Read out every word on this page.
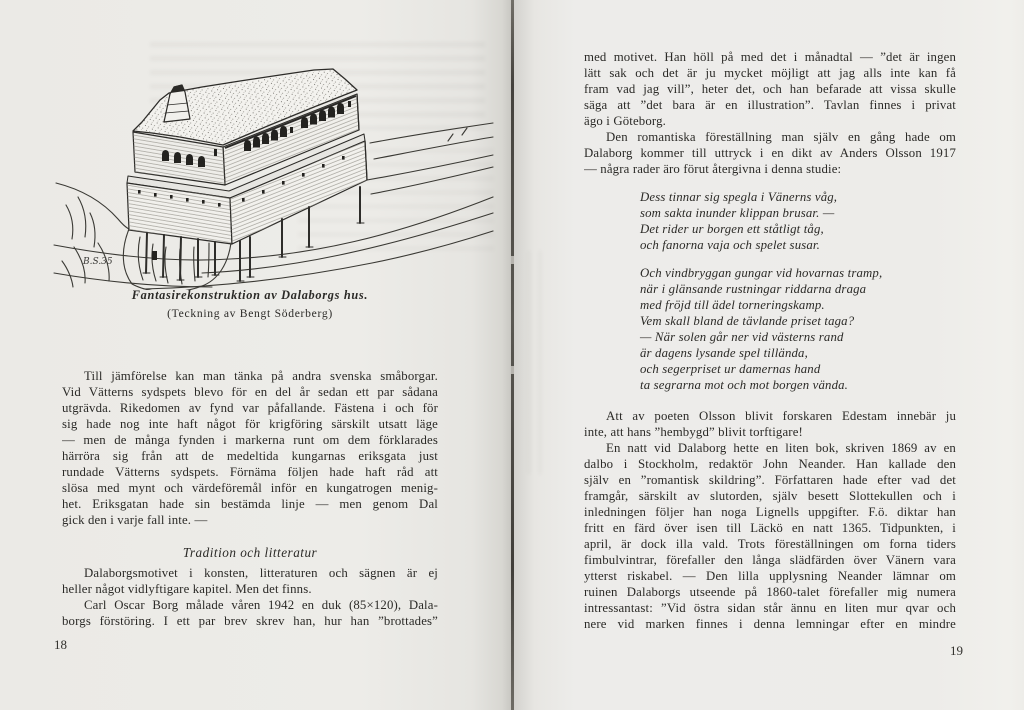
B.S.35
Fantasirekonstruktion av Dalaborgs hus.
(Teckning av Bengt Söderberg)
Till jämförelse kan man tänka på andra svenska småborgar.
Vid Vätterns sydspets blevo för en del år sedan ett par sådana
utgrävda. Rikedomen av fynd var påfallande. Fästena i och för
sig hade nog inte haft något för krigföring särskilt utsatt läge
— men de många fynden i markerna runt om dem förklarades
härröra sig från att de medeltida kungarnas eriksgata just
rundade Vätterns sydspets. Förnäma följen hade haft råd att
slösa med mynt och värdeföremål inför en kungatrogen menig-
het. Eriksgatan hade sin bestämda linje — men genom Dal
gick den i varje fall inte. —
Tradition och litteratur
Dalaborgsmotivet i konsten, litteraturen och sägnen är ej
heller något vidlyftigare kapitel. Men det finns.
Carl Oscar Borg målade våren 1942 en duk (85×120), Dala-
borgs förstöring. I ett par brev skrev han, hur han ”brottades”
med motivet. Han höll på med det i månadtal — ”det är ingen
lätt sak och det är ju mycket möjligt att jag alls inte kan få
fram vad jag vill”, heter det, och han befarade att vissa skulle
säga att ”det bara är en illustration”. Tavlan finnes i privat
ägo i Göteborg.
Den romantiska föreställning man själv en gång hade om
Dalaborg kommer till uttryck i en dikt av Anders Olsson 1917
— några rader äro förut återgivna i denna studie:
Dess tinnar sig spegla i Vänerns våg,
som sakta inunder klippan brusar. —
Det rider ur borgen ett ståtligt tåg,
och fanorna vaja och spelet susar.
Och vindbryggan gungar vid hovarnas tramp,
när i glänsande rustningar riddarna draga
med fröjd till ädel torneringskamp.
Vem skall bland de tävlande priset taga?
— När solen går ner vid västerns rand
är dagens lysande spel tillända,
och segerpriset ur damernas hand
ta segrarna mot och mot borgen vända.
Att av poeten Olsson blivit forskaren Edestam innebär ju
inte, att hans ”hembygd” blivit torftigare!
En natt vid Dalaborg hette en liten bok, skriven 1869 av en
dalbo i Stockholm, redaktör John Neander. Han kallade den
själv en ”romantisk skildring”. Författaren hade efter vad det
framgår, särskilt av slutorden, själv besett Slottekullen och i
inledningen följer han noga Lignells uppgifter. F.ö. diktar han
fritt en färd över isen till Läckö en natt 1365. Tidpunkten, i
april, är dock illa vald. Trots föreställningen om forna tiders
fimbulvintrar, förefaller den långa slädfärden över Vänern vara
ytterst riskabel. — Den lilla upplysning Neander lämnar om
ruinen Dalaborgs utseende på 1860-talet förefaller mig numera
intressantast: ”Vid östra sidan står ännu en liten mur qvar och
nere vid marken finnes i denna lemningar efter en mindre
18	19
